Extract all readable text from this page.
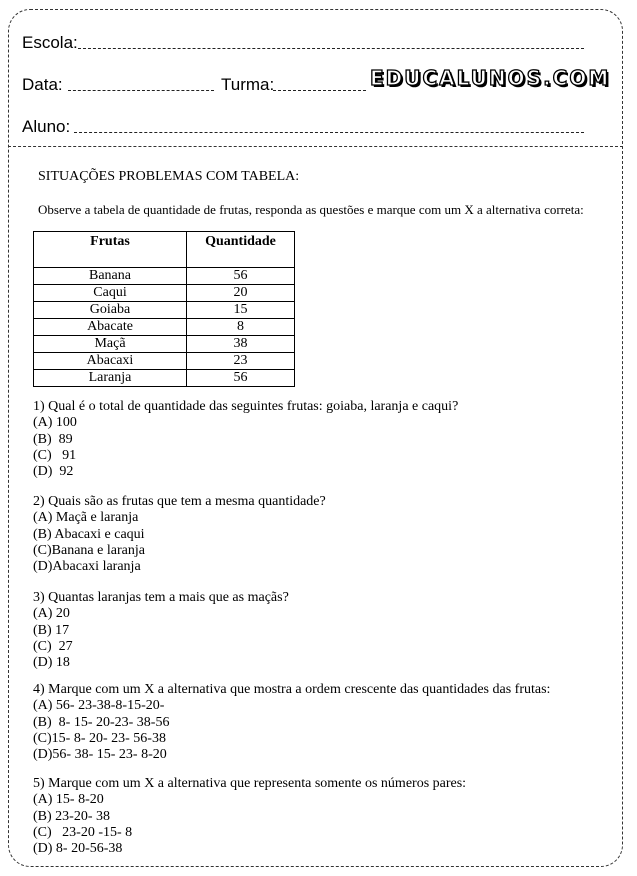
Escola:
Data:	Turma:	EDUCALUNOS.COM
Aluno:
SITUAÇÕES PROBLEMAS COM TABELA:
Observe a tabela de quantidade de frutas, responda as questões e marque com um X a alternativa correta:
Frutas	Quantidade
Banana	56
Caqui	20
Goiaba	15
Abacate	8
Maçã	38
Abacaxi	23
Laranja	56
1) Qual é o total de quantidade das seguintes frutas: goiaba, laranja e caqui?
(A) 100
(B)  89
(C)   91
(D)  92
2) Quais são as frutas que tem a mesma quantidade?
(A) Maçã e laranja
(B) Abacaxi e caqui
(C)Banana e laranja
(D)Abacaxi laranja
3) Quantas laranjas tem a mais que as maçãs?
(A) 20
(B) 17
(C)  27
(D) 18
4) Marque com um X a alternativa que mostra a ordem crescente das quantidades das frutas:
(A) 56- 23-38-8-15-20-
(B)  8- 15- 20-23- 38-56
(C)15- 8- 20- 23- 56-38
(D)56- 38- 15- 23- 8-20
5) Marque com um X a alternativa que representa somente os números pares:
(A) 15- 8-20
(B) 23-20- 38
(C)   23-20 -15- 8
(D) 8- 20-56-38
